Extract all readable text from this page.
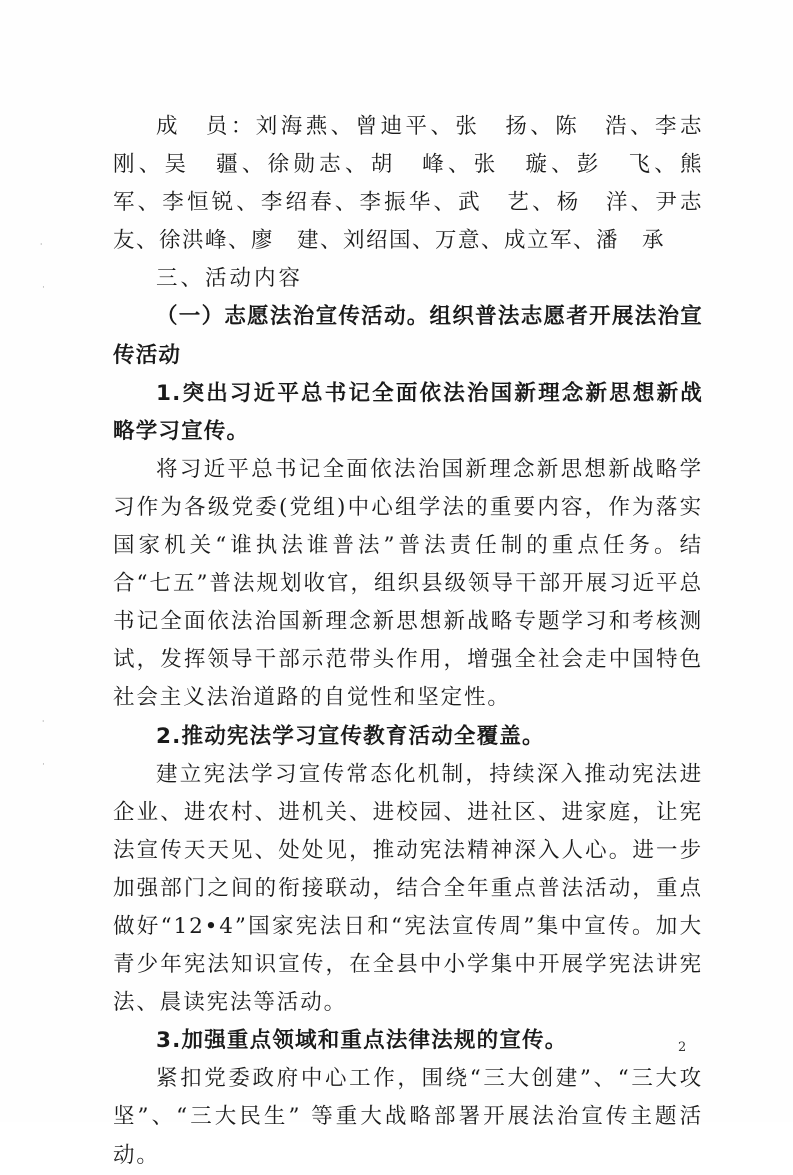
⸳
·
⸳
·

成　员：刘海燕、曾迪平、张　扬、陈　浩、李志刚、吴　疆、徐勋志、胡　峰、张　璇、彭　飞、熊　军、李恒锐、李绍春、李振华、武　艺、杨　洋、尹志友、徐洪峰、廖　建、刘绍国、万意、成立军、潘　承

三、活动内容

（一）志愿法治宣传活动。组织普法志愿者开展法治宣传活动

1.突出习近平总书记全面依法治国新理念新思想新战略学习宣传。

将习近平总书记全面依法治国新理念新思想新战略学习作为各级党委(党组)中心组学法的重要内容，作为落实国家机关“谁执法谁普法”普法责任制的重点任务。结合“七五”普法规划收官，组织县级领导干部开展习近平总书记全面依法治国新理念新思想新战略专题学习和考核测试，发挥领导干部示范带头作用，增强全社会走中国特色社会主义法治道路的自觉性和坚定性。

2.推动宪法学习宣传教育活动全覆盖。

建立宪法学习宣传常态化机制，持续深入推动宪法进企业、进农村、进机关、进校园、进社区、进家庭，让宪法宣传天天见、处处见，推动宪法精神深入人心。进一步加强部门之间的衔接联动，结合全年重点普法活动，重点做好“12•4”国家宪法日和“宪法宣传周”集中宣传。加大青少年宪法知识宣传，在全县中小学集中开展学宪法讲宪法、晨读宪法等活动。

3.加强重点领域和重点法律法规的宣传。

紧扣党委政府中心工作，围绕“三大创建”、“三大攻坚”、“三大民生” 等重大战略部署开展法治宣传主题活动。

2
